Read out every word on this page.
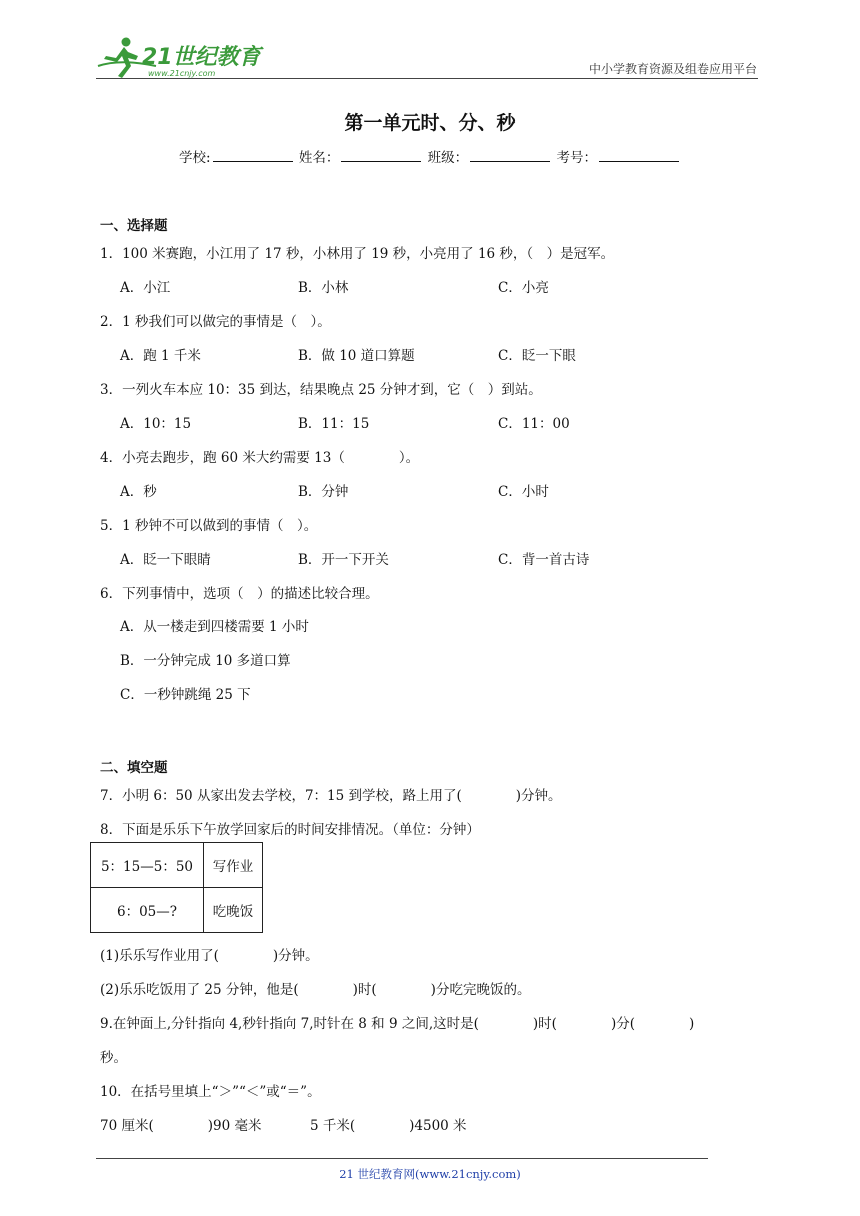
21世纪教育
www.21cnjy.com	中小学教育资源及组卷应用平台
第一单元时、分、秒
学校:	姓名：	班级：	考号：
一、选择题
1．100 米赛跑，小江用了 17 秒，小林用了 19 秒，小亮用了 16 秒，（　）是冠军。
A．小江	B．小林	C．小亮
2．1 秒我们可以做完的事情是（　）。
A．跑 1 千米	B．做 10 道口算题	C．眨一下眼
3．一列火车本应 10：35 到达，结果晚点 25 分钟才到，它（　）到站。
A．10：15	B．11：15	C．11：00
4．小亮去跑步，跑 60 米大约需要 13（　　　　）。
A．秒	B．分钟	C．小时
5．1 秒钟不可以做到的事情（　）。
A．眨一下眼睛	B．开一下开关	C．背一首古诗
6．下列事情中，选项（　）的描述比较合理。
A．从一楼走到四楼需要 1 小时
B．一分钟完成 10 多道口算
C．一秒钟跳绳 25 下
二、填空题
7．小明 6：50 从家出发去学校，7：15 到学校，路上用了(　　　　)分钟。
8．下面是乐乐下午放学回家后的时间安排情况。（单位：分钟）
5：15—5：50	写作业
6：05—?	吃晚饭
(1)乐乐写作业用了(　　　　)分钟。
(2)乐乐吃饭用了 25 分钟，他是(　　　　)时(　　　　)分吃完晚饭的。
9.在钟面上,分针指向 4,秒针指向 7,时针在 8 和 9 之间,这时是(　　　　)时(　　　　)分(　　　　)
秒。
10．在括号里填上“＞”“＜”或“＝”。
70 厘米(　　　　)90 毫米	5 千米(　　　　)4500 米
21 世纪教育网(www.21cnjy.com)
